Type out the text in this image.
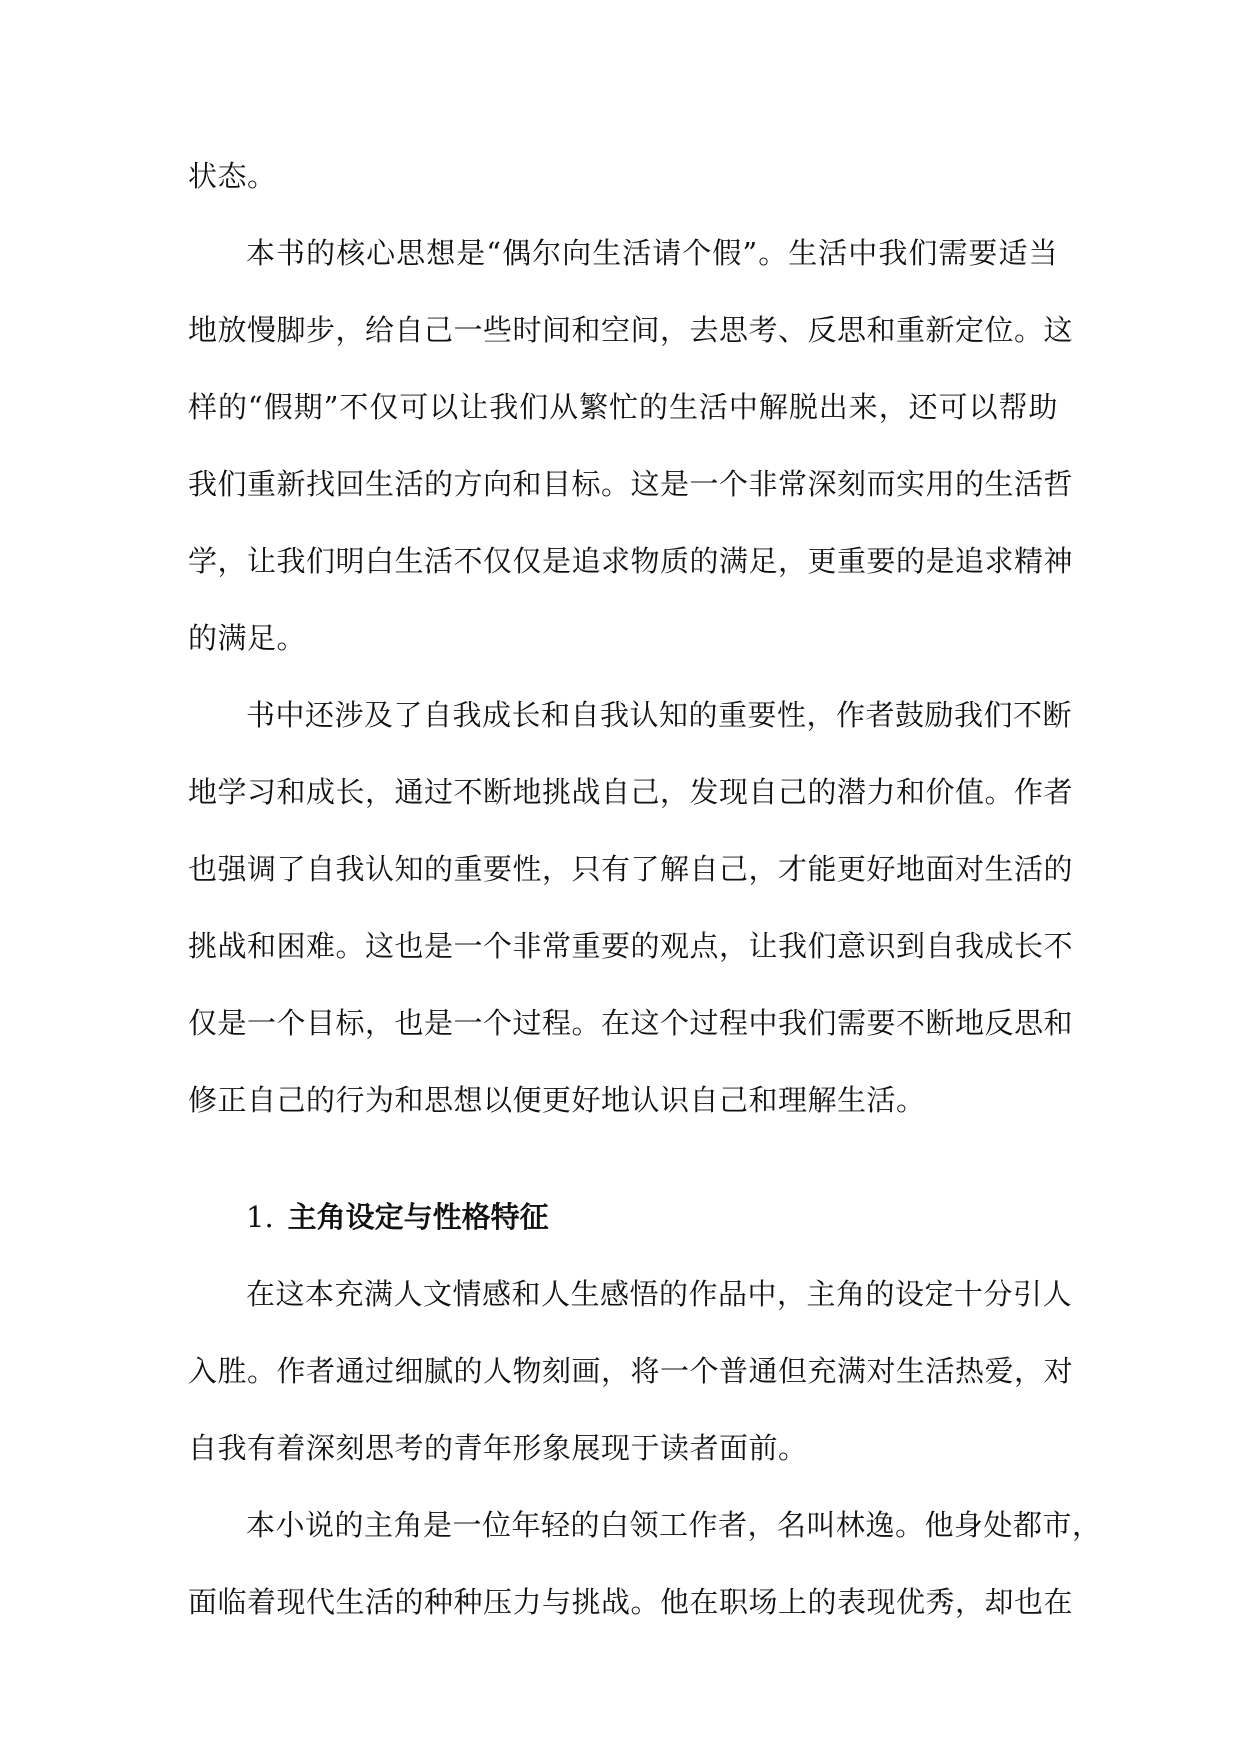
状态。
本书的核心思想是“偶尔向生活请个假”。生活中我们需要适当
地放慢脚步，给自己一些时间和空间，去思考、反思和重新定位。这
样的“假期”不仅可以让我们从繁忙的生活中解脱出来，还可以帮助
我们重新找回生活的方向和目标。这是一个非常深刻而实用的生活哲
学，让我们明白生活不仅仅是追求物质的满足，更重要的是追求精神
的满足。
书中还涉及了自我成长和自我认知的重要性，作者鼓励我们不断
地学习和成长，通过不断地挑战自己，发现自己的潜力和价值。作者
也强调了自我认知的重要性，只有了解自己，才能更好地面对生活的
挑战和困难。这也是一个非常重要的观点，让我们意识到自我成长不
仅是一个目标，也是一个过程。在这个过程中我们需要不断地反思和
修正自己的行为和思想以便更好地认识自己和理解生活。
1. 主角设定与性格特征
在这本充满人文情感和人生感悟的作品中，主角的设定十分引人
入胜。作者通过细腻的人物刻画，将一个普通但充满对生活热爱，对
自我有着深刻思考的青年形象展现于读者面前。
本小说的主角是一位年轻的白领工作者，名叫林逸。他身处都市，
面临着现代生活的种种压力与挑战。他在职场上的表现优秀，却也在
